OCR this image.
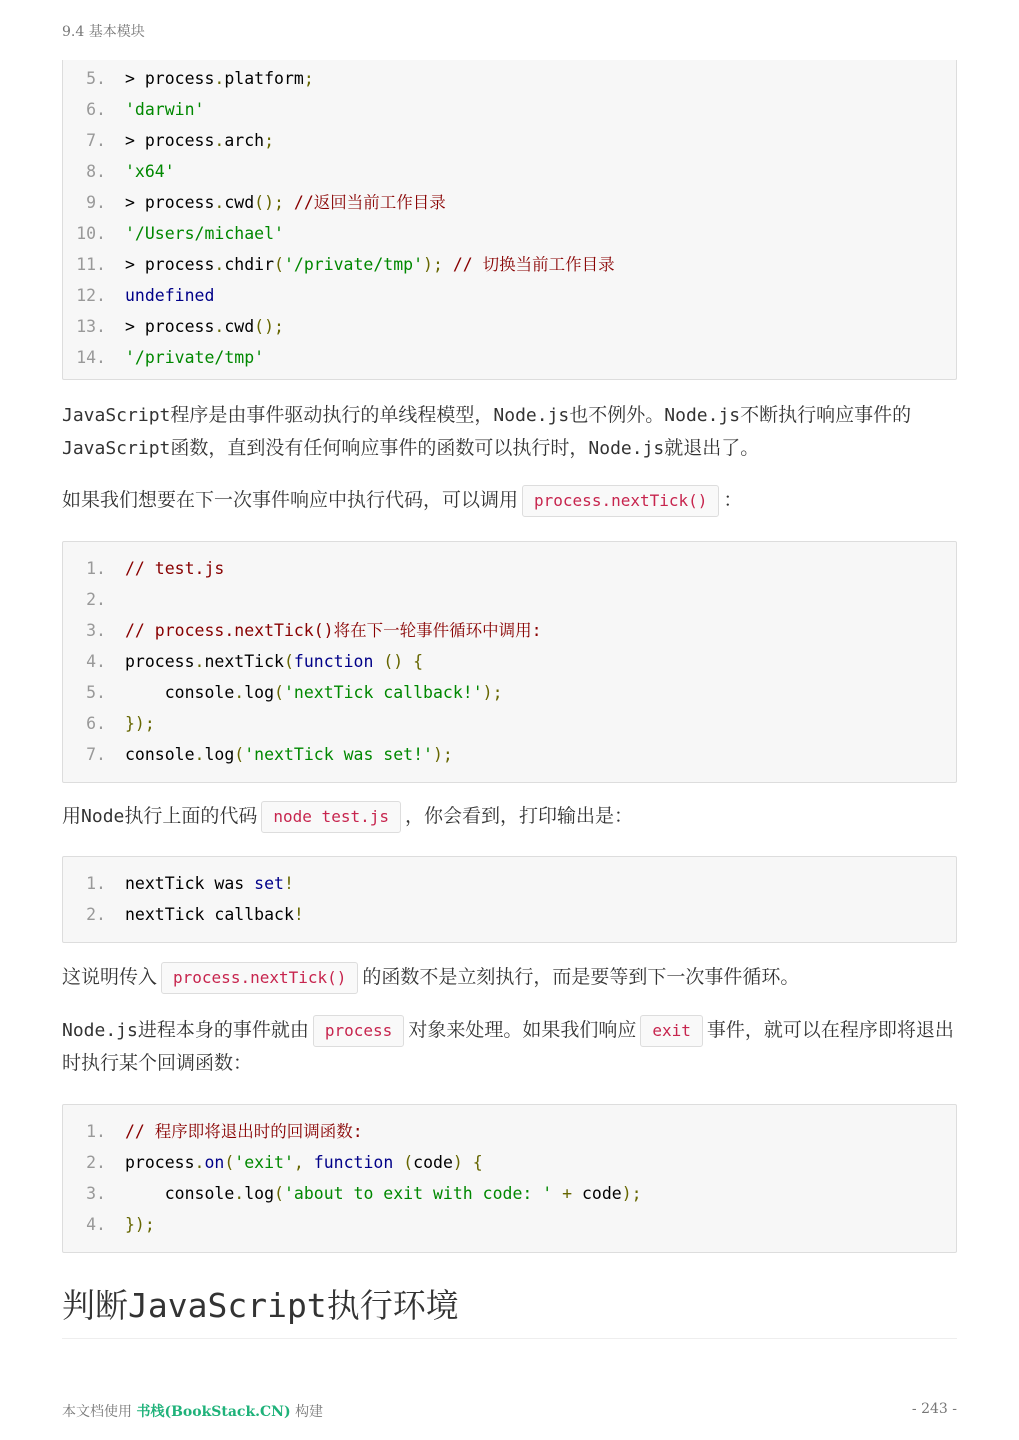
9.4 基本模块
5. > process.platform;
6. 'darwin'
7. > process.arch;
8. 'x64'
9. > process.cwd(); //返回当前工作目录
10. '/Users/michael'
11. > process.chdir('/private/tmp'); // 切换当前工作目录
12. undefined
13. > process.cwd();
14. '/private/tmp'

JavaScript程序是由事件驱动执行的单线程模型，Node.js也不例外。Node.js不断执行响应事件的JavaScript函数，直到没有任何响应事件的函数可以执行时，Node.js就退出了。

如果我们想要在下一次事件响应中执行代码，可以调用 process.nextTick() ：

1. // test.js
2.
3. // process.nextTick()将在下一轮事件循环中调用:
4. process.nextTick(function () {
5. console.log('nextTick callback!');
6. });
7. console.log('nextTick was set!');

用Node执行上面的代码 node test.js ，你会看到，打印输出是：

1. nextTick was set!
2. nextTick callback!

这说明传入 process.nextTick() 的函数不是立刻执行，而是要等到下一次事件循环。

Node.js进程本身的事件就由 process 对象来处理。如果我们响应 exit 事件，就可以在程序即将退出时执行某个回调函数：

1. // 程序即将退出时的回调函数:
2. process.on('exit', function (code) {
3. console.log('about to exit with code: ' + code);
4. });
判断JavaScript执行环境
本文档使用 书栈(BookStack.CN) 构建	- 243 -
